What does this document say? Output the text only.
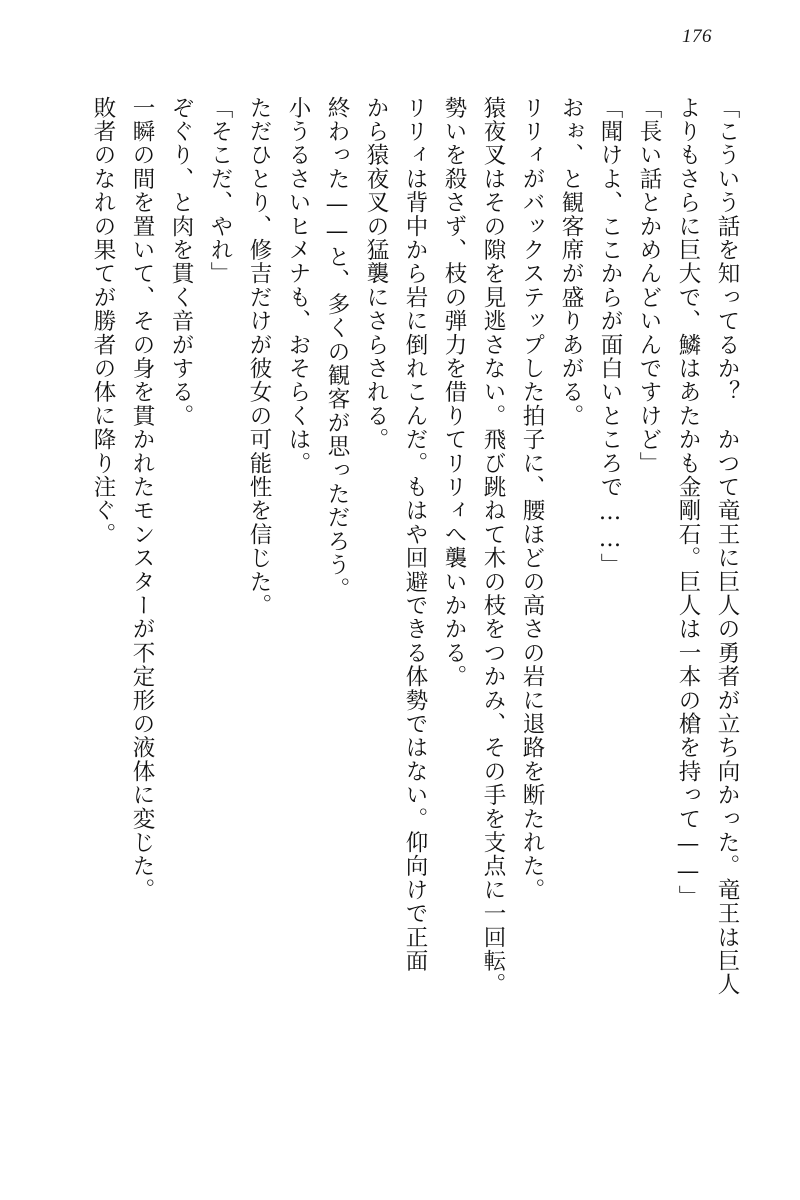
176
「こういう話を知ってるか？　かつて竜王に巨人の勇者が立ち向かった。竜王は巨人
よりもさらに巨大で、鱗はあたかも金剛石。巨人は一本の槍を持って——」
「長い話とかめんどいんですけど」
「聞けよ、ここからが面白いところで……」
おぉ、と観客席が盛りあがる。
リリィがバックステップした拍子に、腰ほどの高さの岩に退路を断たれた。
猿夜叉はその隙を見逃さない。飛び跳ねて木の枝をつかみ、その手を支点に一回転。
勢いを殺さず、枝の弾力を借りてリリィへ襲いかかる。
リリィは背中から岩に倒れこんだ。もはや回避できる体勢ではない。仰向けで正面
から猿夜叉の猛襲にさらされる。
終わった——と、多くの観客が思っただろう。
小うるさいヒメナも、おそらくは。
ただひとり、修吉だけが彼女の可能性を信じた。
「そこだ、やれ」
ぞぐり、と肉を貫く音がする。
一瞬の間を置いて、その身を貫かれたモンスターが不定形の液体に変じた。
敗者のなれの果てが勝者の体に降り注ぐ。
